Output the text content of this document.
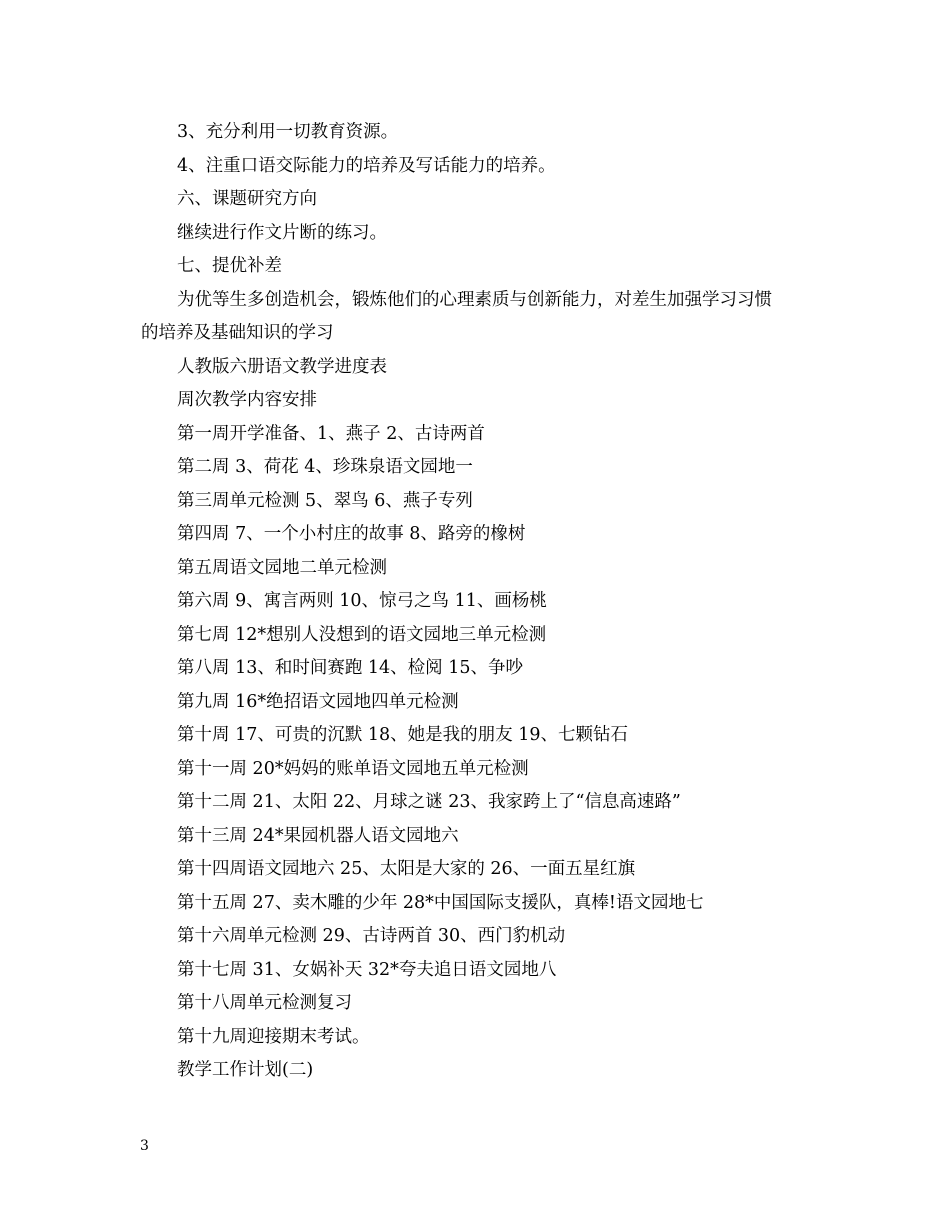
3、充分利用一切教育资源。
4、注重口语交际能力的培养及写话能力的培养。
六、课题研究方向
继续进行作文片断的练习。
七、提优补差
为优等生多创造机会，锻炼他们的心理素质与创新能力，对差生加强学习习惯
的培养及基础知识的学习
人教版六册语文教学进度表
周次教学内容安排
第一周开学准备、1、燕子 2、古诗两首
第二周 3、荷花 4、珍珠泉语文园地一
第三周单元检测 5、翠鸟 6、燕子专列
第四周 7、一个小村庄的故事 8、路旁的橡树
第五周语文园地二单元检测
第六周 9、寓言两则 10、惊弓之鸟 11、画杨桃
第七周 12*想别人没想到的语文园地三单元检测
第八周 13、和时间赛跑 14、检阅 15、争吵
第九周 16*绝招语文园地四单元检测
第十周 17、可贵的沉默 18、她是我的朋友 19、七颗钻石
第十一周 20*妈妈的账单语文园地五单元检测
第十二周 21、太阳 22、月球之谜 23、我家跨上了“信息高速路”
第十三周 24*果园机器人语文园地六
第十四周语文园地六 25、太阳是大家的 26、一面五星红旗
第十五周 27、卖木雕的少年 28*中国国际支援队，真棒!语文园地七
第十六周单元检测 29、古诗两首 30、西门豹机动
第十七周 31、女娲补天 32*夸夫追日语文园地八
第十八周单元检测复习
第十九周迎接期末考试。
教学工作计划(二)
3
